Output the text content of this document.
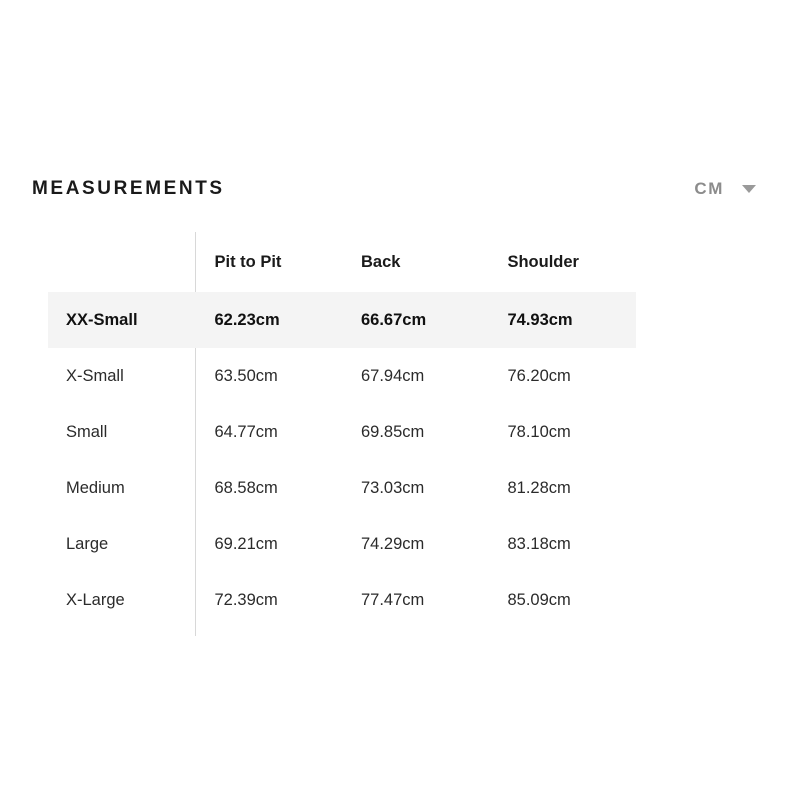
MEASUREMENTS	CM
	Pit to Pit	Back	Shoulder
XX-Small	62.23cm	66.67cm	74.93cm
X-Small	63.50cm	67.94cm	76.20cm
Small	64.77cm	69.85cm	78.10cm
Medium	68.58cm	73.03cm	81.28cm
Large	69.21cm	74.29cm	83.18cm
X-Large	72.39cm	77.47cm	85.09cm
